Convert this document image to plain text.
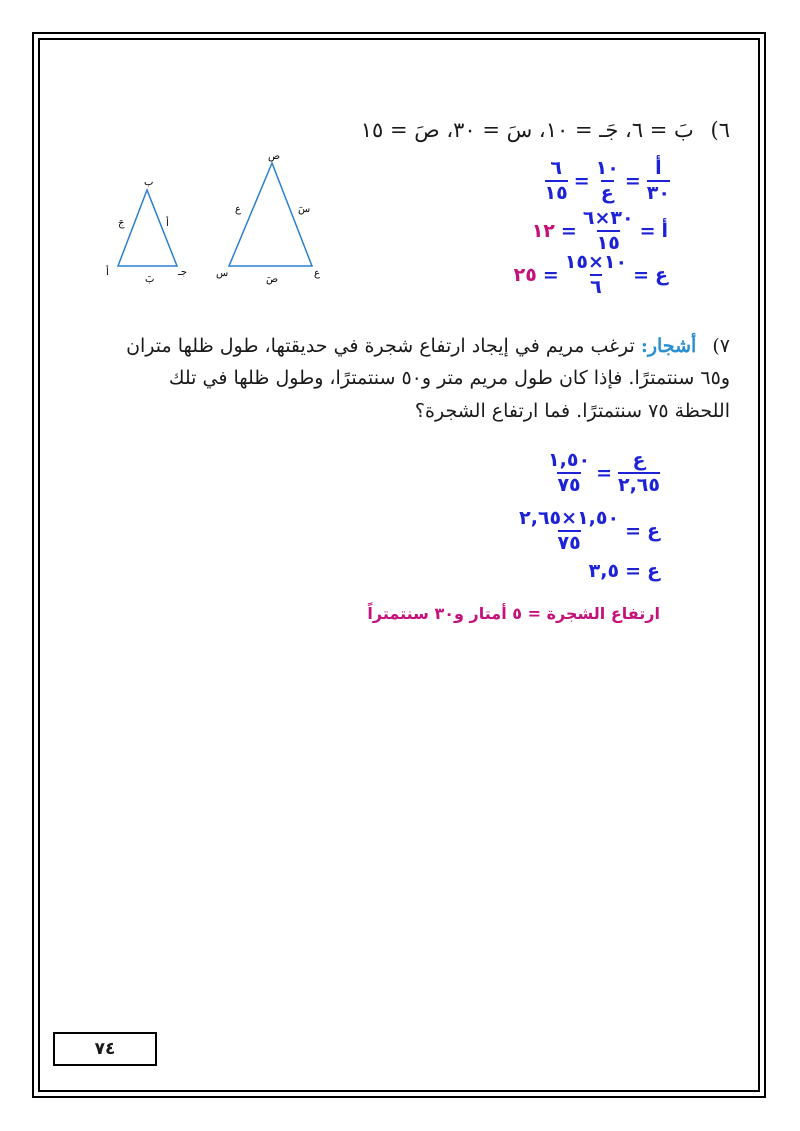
٦) بَ = ٦، جَـ = ١٠، سَ = ٣٠، صَ = ١٥
$\frac{\text{أ}}{٣٠}$
=
$\frac{١٠}{\text{ع}}$
=
$\frac{٦}{١٥}$
أ
=
$\frac{٣٠\times ٦}{١٥}$
=
١٢
ع
=
$\frac{١٠\times ١٥}{٦}$
=
٢٥
ب
أ	جـ
جَ	أ
بَ
ص
س	ع
ع	سَ
صَ
٧) أشجار: ترغب مريم في إيجاد ارتفاع شجرة في حديقتها، طول ظلها متران و٦٥ سنتمترًا. فإذا كان طول مريم متر و٥٠ سنتمترًا، وطول ظلها في تلك اللحظة ٧٥ سنتمترًا. فما ارتفاع الشجرة؟
$\frac{\text{ع}}{٢,٦٥}$
=
$\frac{١,٥٠}{٧٥}$
ع
=
$\frac{١,٥٠\times ٢,٦٥}{٧٥}$
ع
=
٣,٥
ارتفاع الشجرة = ٥ أمتار و٣٠ سنتمتراً
٧٤
